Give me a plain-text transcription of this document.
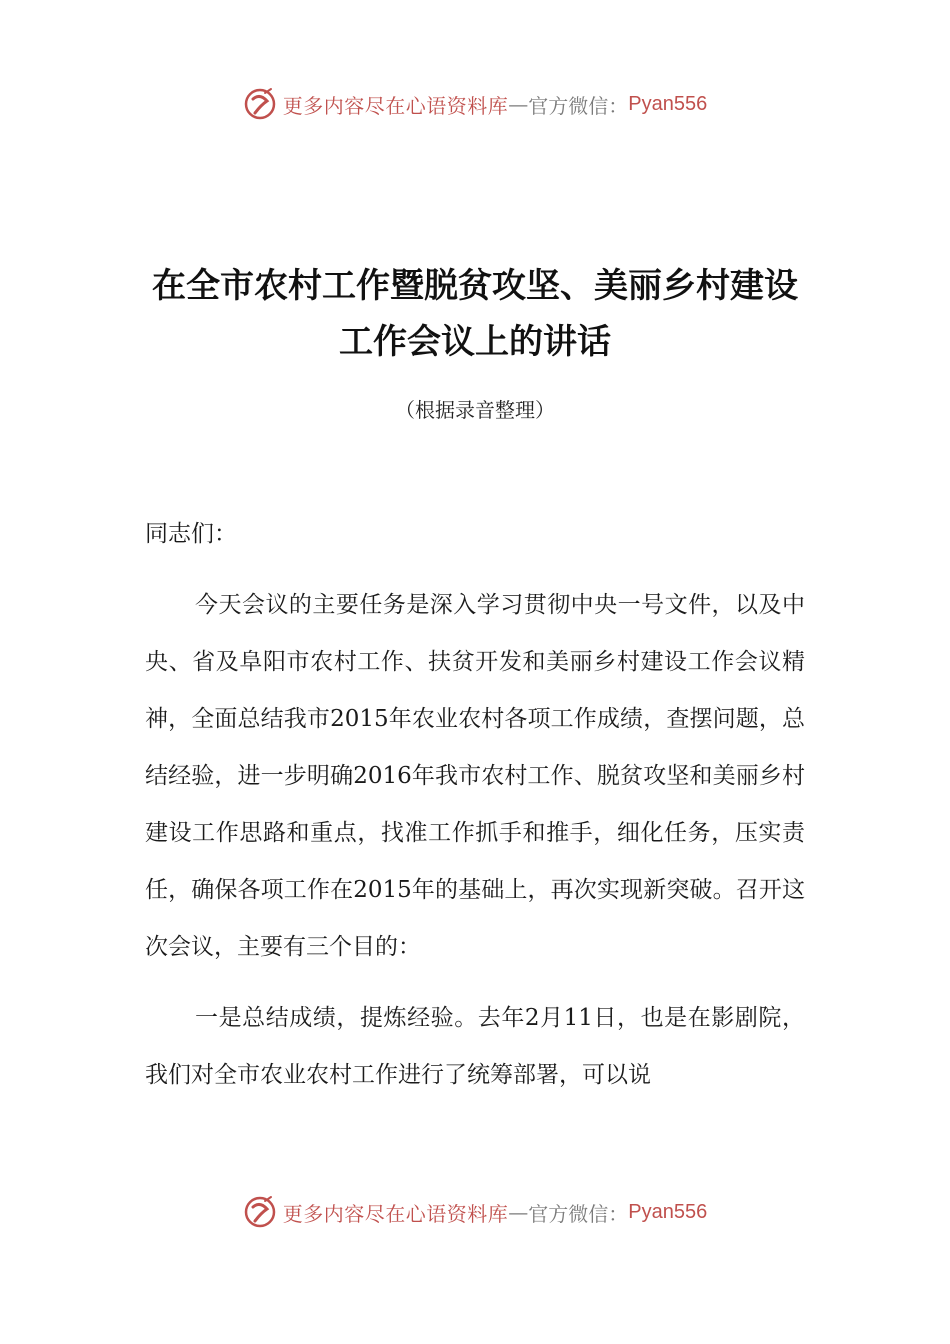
更多内容尽在心语资料库 — 官方微信： Pyan556
在全市农村工作暨脱贫攻坚、美丽乡村建设工作会议上的讲话
（根据录音整理）

同志们：

今天会议的主要任务是深入学习贯彻中央一号文件，以及中央、省及阜阳市农村工作、扶贫开发和美丽乡村建设工作会议精神，全面总结我市2015年农业农村各项工作成绩，查摆问题，总结经验，进一步明确2016年我市农村工作、脱贫攻坚和美丽乡村建设工作思路和重点，找准工作抓手和推手，细化任务，压实责任，确保各项工作在2015年的基础上，再次实现新突破。召开这次会议，主要有三个目的：

一是总结成绩，提炼经验。去年2月11日，也是在影剧院，我们对全市农业农村工作进行了统筹部署，可以说

更多内容尽在心语资料库 — 官方微信： Pyan556
